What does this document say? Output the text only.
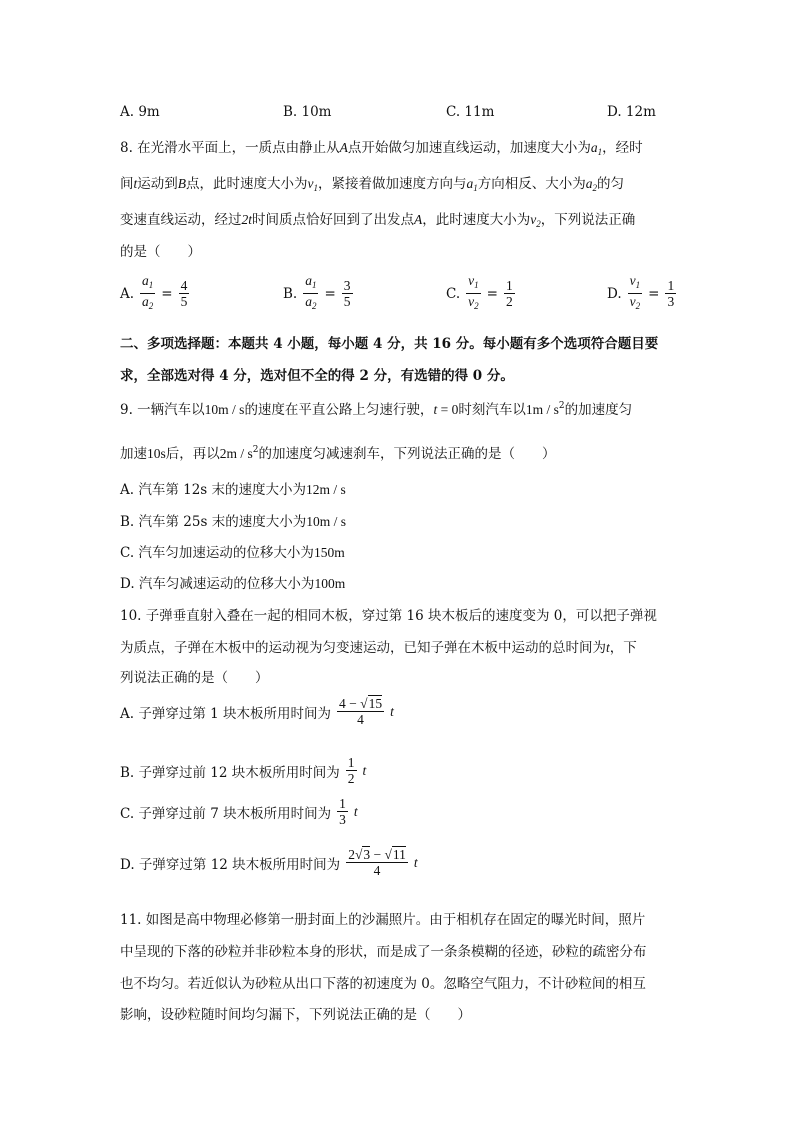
A. 9m	B. 10m	C. 11m	D. 12m
8. 在光滑水平面上，一质点由静止从A点开始做匀加速直线运动，加速度大小为$a_1$，经时
间t运动到B点，此时速度大小为$v_1$，紧接着做加速度方向与$a_1$方向相反、大小为$a_2$的匀
变速直线运动，经过2t时间质点恰好回到了出发点A，此时速度大小为$v_2$，下列说法正确
的是（　　）
A. $\frac{a_1}{a_2} = \frac{4}{5}$	B. $\frac{a_1}{a_2} = \frac{3}{5}$	C. $\frac{v_1}{v_2} = \frac{1}{2}$	D. $\frac{v_1}{v_2} = \frac{1}{3}$
二、多项选择题：本题共 4 小题，每小题 4 分，共 16 分。每小题有多个选项符合题目要
求，全部选对得 4 分，选对但不全的得 2 分，有选错的得 0 分。
9. 一辆汽车以10m / s的速度在平直公路上匀速行驶，t = 0时刻汽车以$1m / s^2$的加速度匀
加速10s后，再以$2m / s^2$的加速度匀减速刹车，下列说法正确的是（　　）
A. 汽车第 12s 末的速度大小为12m / s
B. 汽车第 25s 末的速度大小为10m / s
C. 汽车匀加速运动的位移大小为150m
D. 汽车匀减速运动的位移大小为100m
10. 子弹垂直射入叠在一起的相同木板，穿过第 16 块木板后的速度变为 0，可以把子弹视
为质点，子弹在木板中的运动视为匀变速运动，已知子弹在木板中运动的总时间为t，下
列说法正确的是（　　）
A. 子弹穿过第 1 块木板所用时间为 $\frac{4 - √15}{4}$ t
B. 子弹穿过前 12 块木板所用时间为 $\frac{1}{2}$ t
C. 子弹穿过前 7 块木板所用时间为 $\frac{1}{3}$ t
D. 子弹穿过第 12 块木板所用时间为 $\frac{2√3 - √11}{4}$ t
11. 如图是高中物理必修第一册封面上的沙漏照片。由于相机存在固定的曝光时间，照片
中呈现的下落的砂粒并非砂粒本身的形状，而是成了一条条模糊的径迹，砂粒的疏密分布
也不均匀。若近似认为砂粒从出口下落的初速度为 0。忽略空气阻力，不计砂粒间的相互
影响，设砂粒随时间均匀漏下，下列说法正确的是（　　）
